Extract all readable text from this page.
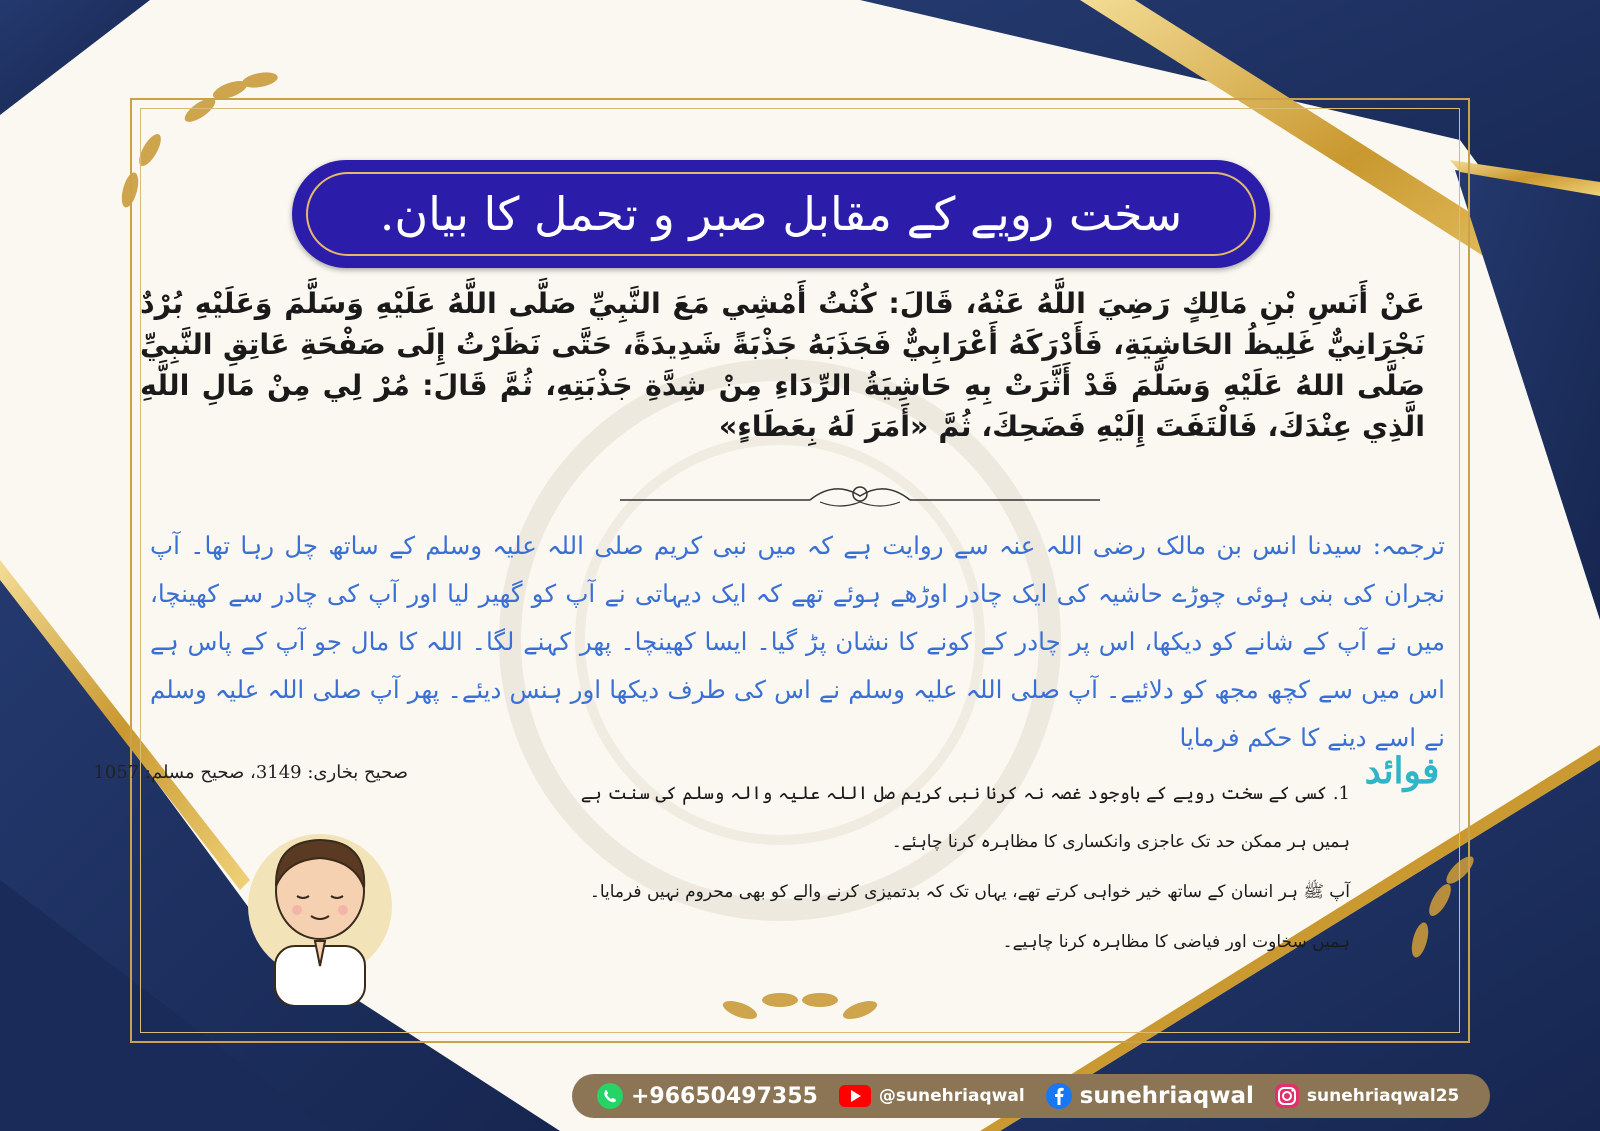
سخت رویے کے مقابل صبر و تحمل کا بیان.
عَنْ أَنَسِ بْنِ مَالِكٍ رَضِيَ اللَّهُ عَنْهُ، قَالَ: كُنْتُ أَمْشِي مَعَ النَّبِيِّ صَلَّى اللَّهُ عَلَيْهِ وَسَلَّمَ وَعَلَيْهِ بُرْدٌ نَجْرَانِيٌّ غَلِيظُ الحَاشِيَةِ، فَأَدْرَكَهُ أَعْرَابِيٌّ فَجَذَبَهُ جَذْبَةً شَدِيدَةً، حَتَّى نَظَرْتُ إِلَى صَفْحَةِ عَاتِقِ النَّبِيِّ صَلَّى اللهُ عَلَيْهِ وَسَلَّمَ قَدْ أَثَّرَتْ بِهِ حَاشِيَةُ الرِّدَاءِ مِنْ شِدَّةِ جَذْبَتِهِ، ثُمَّ قَالَ: مُرْ لِي مِنْ مَالِ اللَّهِ الَّذِي عِنْدَكَ، فَالْتَفَتَ إِلَيْهِ فَضَحِكَ، ثُمَّ «أَمَرَ لَهُ بِعَطَاءٍ»
ترجمہ: سیدنا انس بن مالک رضی اللہ عنہ سے روایت ہے کہ میں نبی کریم صلی اللہ علیہ وسلم کے ساتھ چل رہا تھا۔ آپ نجران کی بنی ہوئی چوڑے حاشیہ کی ایک چادر اوڑھے ہوئے تھے کہ ایک دیہاتی نے آپ کو گھیر لیا اور آپ کی چادر سے کھینچا، میں نے آپ کے شانے کو دیکھا، اس پر چادر کے کونے کا نشان پڑ گیا۔ ایسا کھینچا۔ پھر کہنے لگا۔ اللہ کا مال جو آپ کے پاس ہے اس میں سے کچھ مجھ کو دلائیے۔ آپ صلی اللہ علیہ وسلم نے اس کی طرف دیکھا اور ہنس دیئے۔ پھر آپ صلی اللہ علیہ وسلم نے اسے دینے کا حکم فرمایا
صحیح بخاری: 3149، صحیح مسلم: 1057	فوائد
1. کسی کے سخت رویے کے باوجود غصہ نہ کرنا نبی کریم صل اللہ علیہ والہ وسلم کی سنت ہے
ہمیں ہر ممکن حد تک عاجزی وانکساری کا مظاہرہ کرنا چاہئے۔
آپ ﷺ ہر انسان کے ساتھ خیر خواہی کرتے تھے، یہاں تک کہ بدتمیزی کرنے والے کو بھی محروم نہیں فرمایا۔
ہمیں سخاوت اور فیاضی کا مظاہرہ کرنا چاہیے۔
+96650497355	@sunehriaqwal sunehriaqwal	sunehriaqwal25
